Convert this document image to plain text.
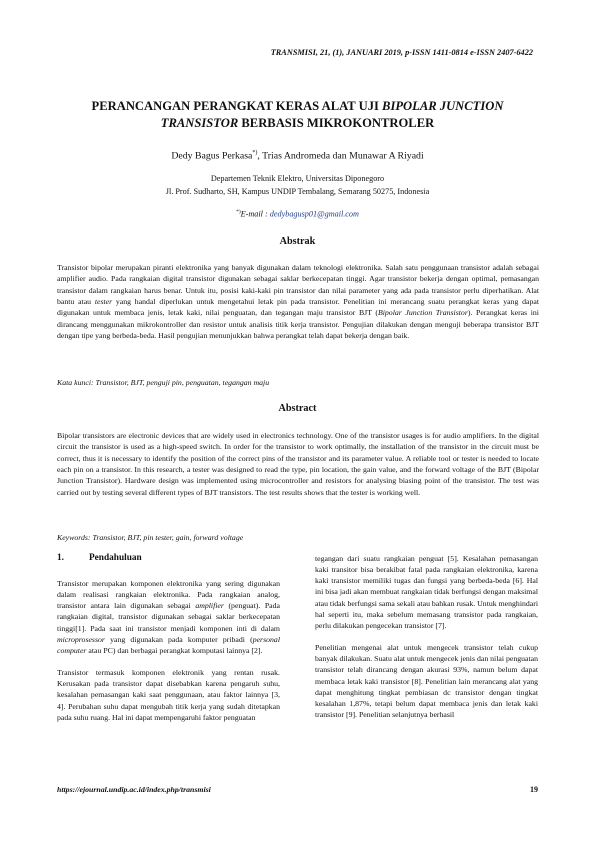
TRANSMISI, 21, (1), JANUARI 2019, p-ISSN 1411-0814 e-ISSN 2407-6422
PERANCANGAN PERANGKAT KERAS ALAT UJI BIPOLAR JUNCTION
TRANSISTOR BERBASIS MIKROKONTROLER
Dedy Bagus Perkasa*), Trias Andromeda dan Munawar A Riyadi
Departemen Teknik Elektro, Universitas Diponegoro
Jl. Prof. Sudharto, SH, Kampus UNDIP Tembalang, Semarang 50275, Indonesia
*)E-mail : dedybagusp01@gmail.com
Abstrak
Transistor bipolar merupakan piranti elektronika yang banyak digunakan dalam teknologi elektronika. Salah satu penggunaan transistor adalah sebagai amplifier audio. Pada rangkaian digital transistor digunakan sebagai saklar berkecepatan tinggi. Agar transistor bekerja dengan optimal, pemasangan transistor dalam rangkaian harus benar. Untuk itu, posisi kaki-kaki pin transistor dan nilai parameter yang ada pada transistor perlu diperhatikan. Alat bantu atau tester yang handal diperlukan untuk mengetahui letak pin pada transistor. Penelitian ini merancang suatu perangkat keras yang dapat digunakan untuk membaca jenis, letak kaki, nilai penguatan, dan tegangan maju transistor BJT (Bipolar Junction Transistor). Perangkat keras ini dirancang menggunakan mikrokontroller dan resistor untuk analisis titik kerja transistor. Pengujian dilakukan dengan menguji beberapa transistor BJT dengan tipe yang berbeda-beda. Hasil pengujian menunjukkan bahwa perangkat telah dapat bekerja dengan baik.
Kata kunci: Transistor, BJT, penguji pin, penguatan, tegangan maju
Abstract
Bipolar transistors are electronic devices that are widely used in electronics technology. One of the transistor usages is for audio amplifiers. In the digital circuit the transistor is used as a high-speed switch. In order for the transistor to work optimally, the installation of the transistor in the circuit must be correct, thus it is necessary to identify the position of the correct pins of the transistor and its parameter value. A reliable tool or tester is needed to locate each pin on a transistor. In this research, a tester was designed to read the type, pin location, the gain value, and the forward voltage of the BJT (Bipolar Junction Transistor). Hardware design was implemented using microcontroller and resistors for analysing biasing point of the transistor. The test was carried out by testing several different types of BJT transistors. The test results shows that the tester is working well.
Keywords: Transistor, BJT, pin tester, gain, forward voltage
1.	Pendahuluan

Transistor merupakan komponen elektronika yang sering digunakan dalam realisasi rangkaian elektronika. Pada rangkaian analog, transistor antara lain digunakan sebagai amplifier (penguat). Pada rangkaian digital, transistor digunakan sebagai saklar berkecepatan tinggi[1]. Pada saat ini transistor menjadi komponen inti di dalam microprosessor yang digunakan pada komputer pribadi (personal computer atau PC) dan berbagai perangkat komputasi lainnya [2].

Transistor termasuk komponen elektronik yang rentan rusak. Kerusakan pada transistor dapat disebabkan karena pengaruh suhu, kesalahan pemasangan kaki saat penggunaan, atau faktor lainnya [3, 4]. Perubahan suhu dapat mengubah titik kerja yang sudah ditetapkan pada suhu ruang. Hal ini dapat mempengaruhi faktor penguatan

tegangan dari suatu rangkaian penguat [5]. Kesalahan pemasangan kaki transitor bisa berakibat fatal pada rangkaian elektronika, karena kaki transistor memiliki tugas dan fungsi yang berbeda-beda [6]. Hal ini bisa jadi akan membuat rangkaian tidak berfungsi dengan maksimal atau tidak berfungsi sama sekali atau bahkan rusak. Untuk menghindari hal seperti itu, maka sebelum memasang transistor pada rangkaian, perlu dilakukan pengecekan transistor [7].

Penelitian mengenai alat untuk mengecek transistor telah cukup banyak dilakukan. Suatu alat untuk mengecek jenis dan nilai penguatan transistor telah dirancang dengan akurasi 93%, namun belum dapat membaca letak kaki transistor [8]. Penelitian lain merancang alat yang dapat menghitung tingkat pembiasan dc transistor dengan tingkat kesalahan 1,87%, tetapi belum dapat membaca jenis dan letak kaki transistor [9]. Penelitian selanjutnya berhasil

https://ejournal.undip.ac.id/index.php/transmisi	19
